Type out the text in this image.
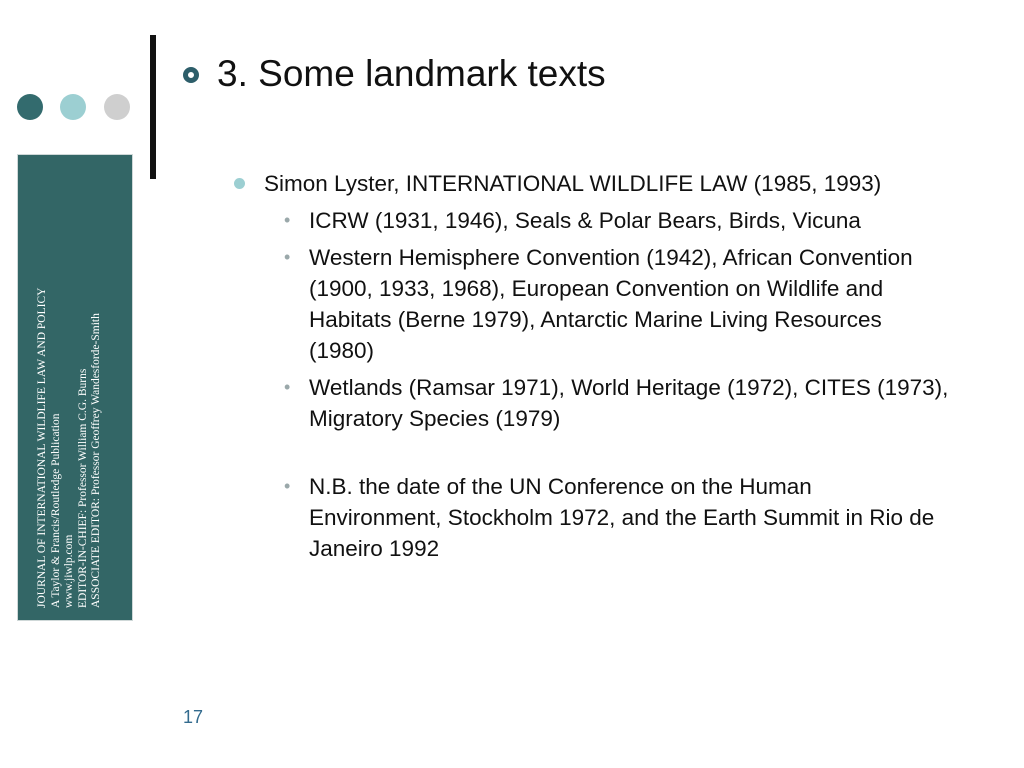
JOURNAL OF INTERNATIONAL WILDLIFE LAW AND POLICY A Taylor & Francis/Routledge Publication www.jiwlp.com EDITOR-IN-CHIEF: Professor William C.G. Burns ASSOCIATE EDITOR: Professor Geoffrey Wandesforde-Smith
3. Some landmark texts
Simon Lyster, INTERNATIONAL WILDLIFE LAW (1985, 1993)
• ICRW (1931, 1946), Seals & Polar Bears, Birds, Vicuna
• Western Hemisphere Convention (1942), African Convention (1900, 1933, 1968), European Convention on Wildlife and Habitats (Berne 1979), Antarctic Marine Living Resources (1980)
• Wetlands (Ramsar 1971), World Heritage (1972), CITES (1973), Migratory Species (1979)
• N.B. the date of the UN Conference on the Human Environment, Stockholm 1972, and the Earth Summit in Rio de Janeiro 1992
17
